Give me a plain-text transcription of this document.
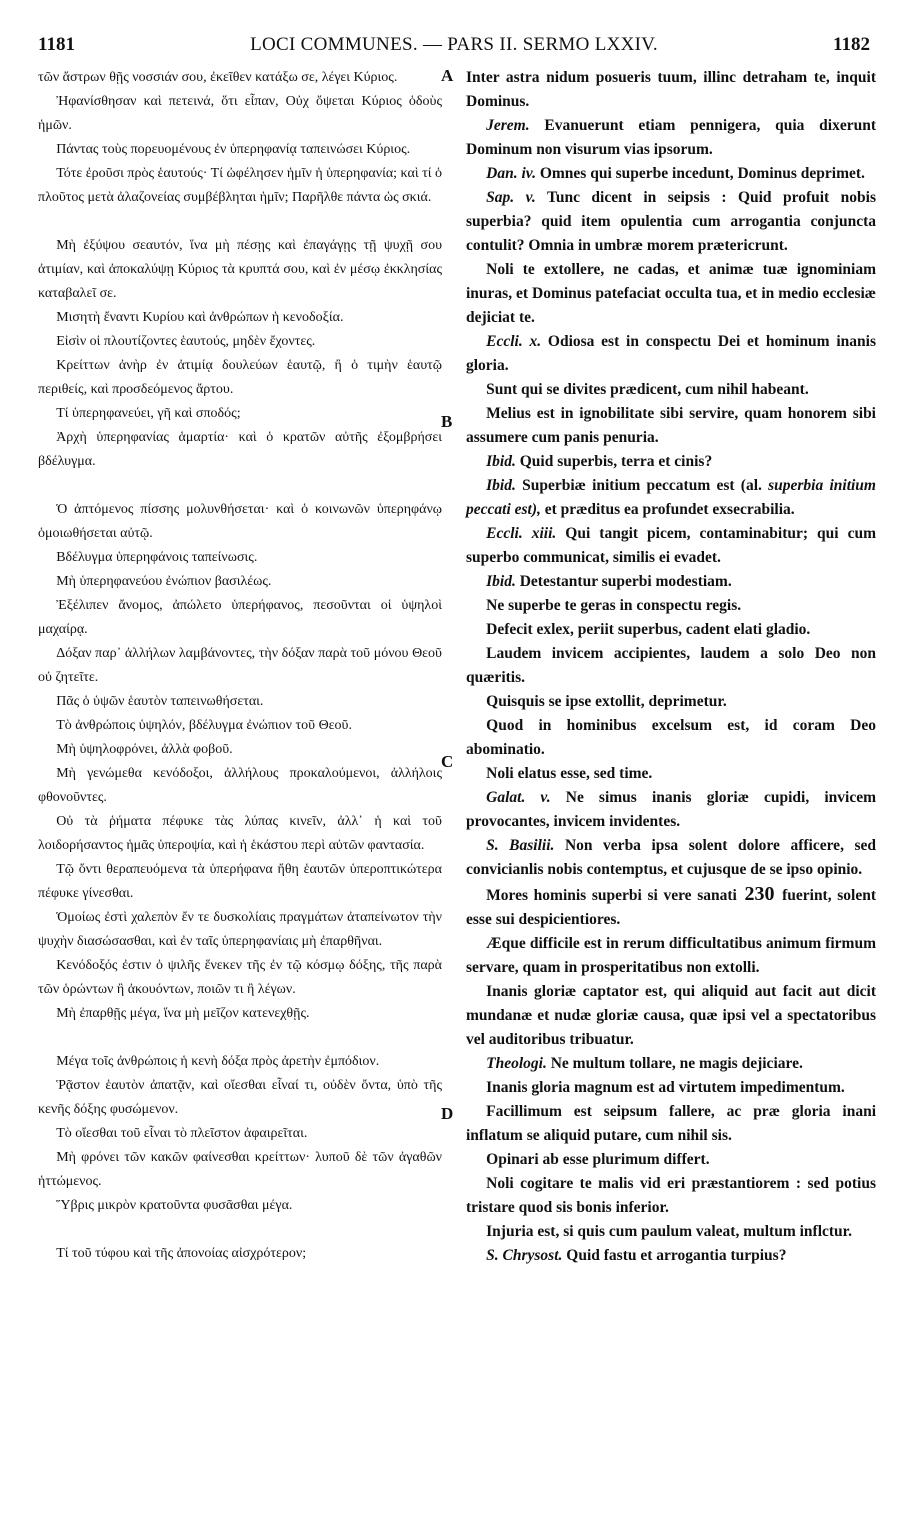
1181	LOCI COMMUNES. — PARS II. SERMO LXXIV.	1182
A
B
C
D
τῶν ἄστρων θῇς νοσσιάν σου, ἐκεῖθεν κατάξω σε, λέγει Κύριος.
Ἠφανίσθησαν καὶ πετεινά, ὅτι εἶπαν, Οὐχ ὄψεται Κύριος ὁδοὺς ἡμῶν.
Πάντας τοὺς πορευομένους ἐν ὑπερηφανίᾳ ταπεινώσει Κύριος.
Τότε ἐροῦσι πρὸς ἑαυτούς· Τί ὠφέλησεν ἡμῖν ἡ ὑπερηφανία; καὶ τί ὁ πλοῦτος μετὰ ἀλαζονείας συμβέβληται ἡμῖν; Παρῆλθε πάντα ὡς σκιά.
Μὴ ἐξύψου σεαυτόν, ἵνα μὴ πέσῃς καὶ ἐπαγάγῃς τῇ ψυχῇ σου ἀτιμίαν, καὶ ἀποκαλύψῃ Κύριος τὰ κρυπτά σου, καὶ ἐν μέσῳ ἐκκλησίας καταβαλεῖ σε.
Μισητὴ ἔναντι Κυρίου καὶ ἀνθρώπων ἡ κενοδοξία.
Εἰσὶν οἱ πλουτίζοντες ἑαυτούς, μηδὲν ἔχοντες.
Κρείττων ἀνὴρ ἐν ἀτιμίᾳ δουλεύων ἑαυτῷ, ἢ ὁ τιμὴν ἑαυτῷ περιθείς, καὶ προσδεόμενος ἄρτου.
Τί ὑπερηφανεύει, γῆ καὶ σποδός;
Ἀρχὴ ὑπερηφανίας ἁμαρτία· καὶ ὁ κρατῶν αὐτῆς ἐξομβρήσει βδέλυγμα.
Ὁ ἁπτόμενος πίσσης μολυνθήσεται· καὶ ὁ κοινωνῶν ὑπερηφάνῳ ὁμοιωθήσεται αὐτῷ.
Βδέλυγμα ὑπερηφάνοις ταπείνωσις.
Μὴ ὑπερηφανεύου ἐνώπιον βασιλέως.
Ἐξέλιπεν ἄνομος, ἀπώλετο ὑπερήφανος, πεσοῦνται οἱ ὑψηλοὶ μαχαίρᾳ.
Δόξαν παρ᾽ ἀλλήλων λαμβάνοντες, τὴν δόξαν παρὰ τοῦ μόνου Θεοῦ οὐ ζητεῖτε.
Πᾶς ὁ ὑψῶν ἑαυτὸν ταπεινωθήσεται.
Τὸ ἀνθρώποις ὑψηλόν, βδέλυγμα ἐνώπιον τοῦ Θεοῦ.
Μὴ ὑψηλοφρόνει, ἀλλὰ φοβοῦ.
Μὴ γενώμεθα κενόδοξοι, ἀλλήλους προκαλούμενοι, ἀλλήλοις φθονοῦντες.
Οὐ τὰ ῥήματα πέφυκε τὰς λύπας κινεῖν, ἀλλ᾽ ἡ καὶ τοῦ λοιδορήσαντος ἡμᾶς ὑπεροψία, καὶ ἡ ἑκάστου περὶ αὐτῶν φαντασία.
Τῷ ὄντι θεραπευόμενα τὰ ὑπερήφανα ἤθη ἑαυτῶν ὑπεροπτικώτερα πέφυκε γίνεσθαι.
Ὁμοίως ἐστὶ χαλεπὸν ἔν τε δυσκολίαις πραγμάτων ἀταπείνωτον τὴν ψυχὴν διασώσασθαι, καὶ ἐν ταῖς ὑπερηφανίαις μὴ ἐπαρθῆναι.
Κενόδοξός ἐστιν ὁ ψιλῆς ἕνεκεν τῆς ἐν τῷ κόσμῳ δόξης, τῆς παρὰ τῶν ὁρώντων ἢ ἀκουόντων, ποιῶν τι ἢ λέγων.
Μὴ ἐπαρθῇς μέγα, ἵνα μὴ μεῖζον κατενεχθῇς.
Μέγα τοῖς ἀνθρώποις ἡ κενὴ δόξα πρὸς ἀρετὴν ἐμπόδιον.
Ῥᾷστον ἑαυτὸν ἀπατᾷν, καὶ οἴεσθαι εἶναί τι, οὐδὲν ὄντα, ὑπὸ τῆς κενῆς δόξης φυσώμενον.
Τὸ οἴεσθαι τοῦ εἶναι τὸ πλεῖστον ἀφαιρεῖται.
Μὴ φρόνει τῶν κακῶν φαίνεσθαι κρείττων· λυποῦ δὲ τῶν ἀγαθῶν ἡττώμενος.
Ὕβρις μικρὸν κρατοῦντα φυσᾶσθαι μέγα.
Τί τοῦ τύφου καὶ τῆς ἀπονοίας αἰσχρότερον;
Inter astra nidum posueris tuum, illinc detraham te, inquit Dominus.
Jerem. Evanuerunt etiam pennigera, quia dixerunt Dominum non visurum vias ipsorum.
Dan. iv. Omnes qui superbe incedunt, Dominus deprimet.
Sap. v. Tunc dicent in seipsis : Quid profuit nobis superbia? quid item opulentia cum arrogantia conjuncta contulit? Omnia in umbræ morem prætericrunt.
Noli te extollere, ne cadas, et animæ tuæ ignominiam inuras, et Dominus patefaciat occulta tua, et in medio ecclesiæ dejiciat te.
Eccli. x. Odiosa est in conspectu Dei et hominum inanis gloria.
Sunt qui se divites prædicent, cum nihil habeant.
Melius est in ignobilitate sibi servire, quam honorem sibi assumere cum panis penuria.
Ibid. Quid superbis, terra et cinis?
Ibid. Superbiæ initium peccatum est (al. superbia initium peccati est), et præditus ea profundet exsecrabilia.
Eccli. xiii. Qui tangit picem, contaminabitur; qui cum superbo communicat, similis ei evadet.
Ibid. Detestantur superbi modestiam.
Ne superbe te geras in conspectu regis.
Defecit exlex, periit superbus, cadent elati gladio.
Laudem invicem accipientes, laudem a solo Deo non quæritis.
Quisquis se ipse extollit, deprimetur.
Quod in hominibus excelsum est, id coram Deo abominatio.
Noli elatus esse, sed time.
Galat. v. Ne simus inanis gloriæ cupidi, invicem provocantes, invicem invidentes.
S. Basilii. Non verba ipsa solent dolore afficere, sed convicianlis nobis contemptus, et cujusque de se ipso opinio.
Mores hominis superbi si vere sanati 230 fuerint, solent esse sui despicientiores.
Æque difficile est in rerum difficultatibus animum firmum servare, quam in prosperitatibus non extolli.
Inanis gloriæ captator est, qui aliquid aut facit aut dicit mundanæ et nudæ gloriæ causa, quæ ipsi vel a spectatoribus vel auditoribus tribuatur.
Theologi. Ne multum tollare, ne magis dejiciare.
Inanis gloria magnum est ad virtutem impedimentum.
Facillimum est seipsum fallere, ac præ gloria inani inflatum se aliquid putare, cum nihil sis.
Opinari ab esse plurimum differt.
Noli cogitare te malis vid eri præstantiorem : sed potius tristare quod sis bonis inferior.
Injuria est, si quis cum paulum valeat, multum inflctur.
S. Chrysost. Quid fastu et arrogantia turpius?
